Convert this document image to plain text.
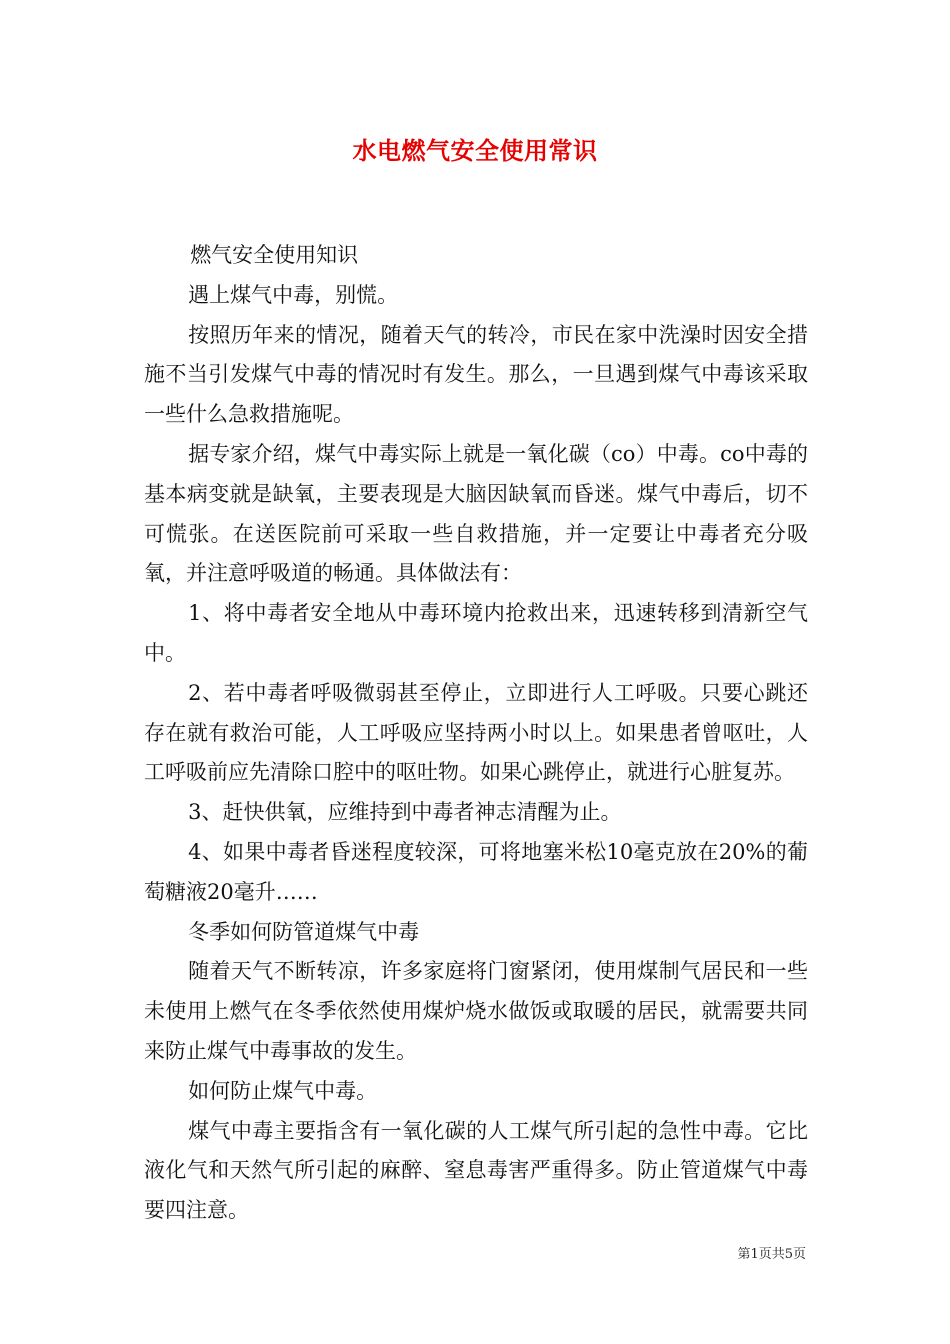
水电燃气安全使用常识

燃气安全使用知识

遇上煤气中毒，别慌。

按照历年来的情况，随着天气的转冷，市民在家中洗澡时因安全措施不当引发煤气中毒的情况时有发生。那么，一旦遇到煤气中毒该采取一些什么急救措施呢。

据专家介绍，煤气中毒实际上就是一氧化碳（co）中毒。co中毒的基本病变就是缺氧，主要表现是大脑因缺氧而昏迷。煤气中毒后，切不可慌张。在送医院前可采取一些自救措施，并一定要让中毒者充分吸氧，并注意呼吸道的畅通。具体做法有：

1、将中毒者安全地从中毒环境内抢救出来，迅速转移到清新空气中。

2、若中毒者呼吸微弱甚至停止，立即进行人工呼吸。只要心跳还存在就有救治可能，人工呼吸应坚持两小时以上。如果患者曾呕吐，人工呼吸前应先清除口腔中的呕吐物。如果心跳停止，就进行心脏复苏。

3、赶快供氧，应维持到中毒者神志清醒为止。

4、如果中毒者昏迷程度较深，可将地塞米松10毫克放在20%的葡萄糖液20毫升……

冬季如何防管道煤气中毒

随着天气不断转凉，许多家庭将门窗紧闭，使用煤制气居民和一些未使用上燃气在冬季依然使用煤炉烧水做饭或取暖的居民，就需要共同来防止煤气中毒事故的发生。

如何防止煤气中毒。

煤气中毒主要指含有一氧化碳的人工煤气所引起的急性中毒。它比液化气和天然气所引起的麻醉、窒息毒害严重得多。防止管道煤气中毒要四注意。

第1页共5页
